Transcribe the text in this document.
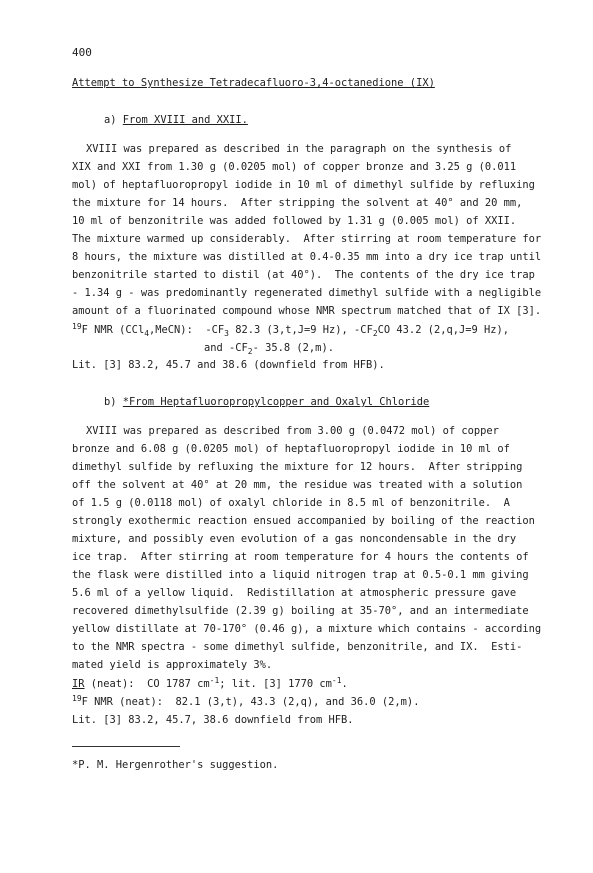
400
Attempt to Synthesize Tetradecafluoro-3,4-octanedione (IX)
a) From XVIII and XXII.
XVIII was prepared as described in the paragraph on the synthesis of
XIX and XXI from 1.30 g (0.0205 mol) of copper bronze and 3.25 g (0.011
mol) of heptafluoropropyl iodide in 10 ml of dimethyl sulfide by refluxing
the mixture for 14 hours.  After stripping the solvent at 40° and 20 mm,
10 ml of benzonitrile was added followed by 1.31 g (0.005 mol) of XXII.
The mixture warmed up considerably.  After stirring at room temperature for
8 hours, the mixture was distilled at 0.4-0.35 mm into a dry ice trap until
benzonitrile started to distil (at 40°).  The contents of the dry ice trap
- 1.34 g - was predominantly regenerated dimethyl sulfide with a negligible
amount of a fluorinated compound whose NMR spectrum matched that of IX [3].
$^{19}$F NMR (CCl$_4$,MeCN):  $-CF_3$ 82.3 (3,t,J=9 Hz), $-CF_2CO$ 43.2 (2,q,J=9 Hz),
and $-CF_2-$ 35.8 (2,m).
Lit. [3] 83.2, 45.7 and 38.6 (downfield from HFB).
b) *From Heptafluoropropylcopper and Oxalyl Chloride
XVIII was prepared as described from 3.00 g (0.0472 mol) of copper
bronze and 6.08 g (0.0205 mol) of heptafluoropropyl iodide in 10 ml of
dimethyl sulfide by refluxing the mixture for 12 hours.  After stripping
off the solvent at 40° at 20 mm, the residue was treated with a solution
of 1.5 g (0.0118 mol) of oxalyl chloride in 8.5 ml of benzonitrile.  A
strongly exothermic reaction ensued accompanied by boiling of the reaction
mixture, and possibly even evolution of a gas noncondensable in the dry
ice trap.  After stirring at room temperature for 4 hours the contents of
the flask were distilled into a liquid nitrogen trap at 0.5-0.1 mm giving
5.6 ml of a yellow liquid.  Redistillation at atmospheric pressure gave
recovered dimethylsulfide (2.39 g) boiling at 35-70°, and an intermediate
yellow distillate at 70-170° (0.46 g), a mixture which contains - according
to the NMR spectra - some dimethyl sulfide, benzonitrile, and IX.  Esti-
mated yield is approximately 3%.
IR (neat):  CO 1787 $cm^{-1}$; lit. [3] 1770 $cm^{-1}$.
$^{19}$F NMR (neat):  82.1 (3,t), 43.3 (2,q), and 36.0 (2,m).
Lit. [3] 83.2, 45.7, 38.6 downfield from HFB.
*P. M. Hergenrother's suggestion.
